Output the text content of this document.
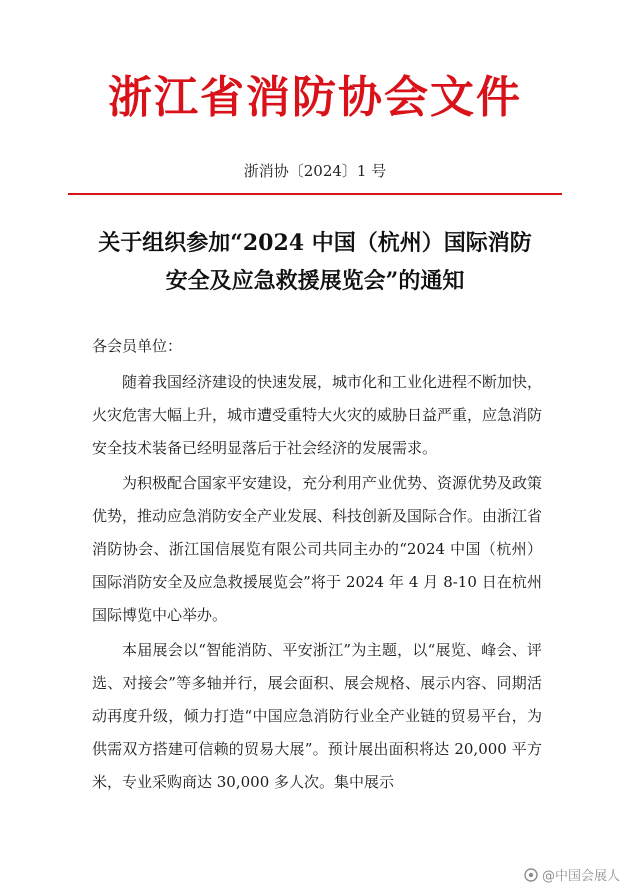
浙江省消防协会文件
浙消协〔2024〕1 号
关于组织参加“2024 中国（杭州）国际消防
安全及应急救援展览会”的通知

各会员单位：

随着我国经济建设的快速发展，城市化和工业化进程不断加快，火灾危害大幅上升，城市遭受重特大火灾的威胁日益严重，应急消防安全技术装备已经明显落后于社会经济的发展需求。

为积极配合国家平安建设，充分利用产业优势、资源优势及政策优势，推动应急消防安全产业发展、科技创新及国际合作。由浙江省消防协会、浙江国信展览有限公司共同主办的“2024 中国（杭州）国际消防安全及应急救援展览会”将于 2024 年 4 月 8-10 日在杭州国际博览中心举办。

本届展会以“智能消防、平安浙江”为主题，以“展览、峰会、评选、对接会”等多轴并行，展会面积、展会规格、展示内容、同期活动再度升级，倾力打造“中国应急消防行业全产业链的贸易平台，为供需双方搭建可信赖的贸易大展”。预计展出面积将达 20,000 平方米，专业采购商达 30,000 多人次。集中展示

@中国会展人
